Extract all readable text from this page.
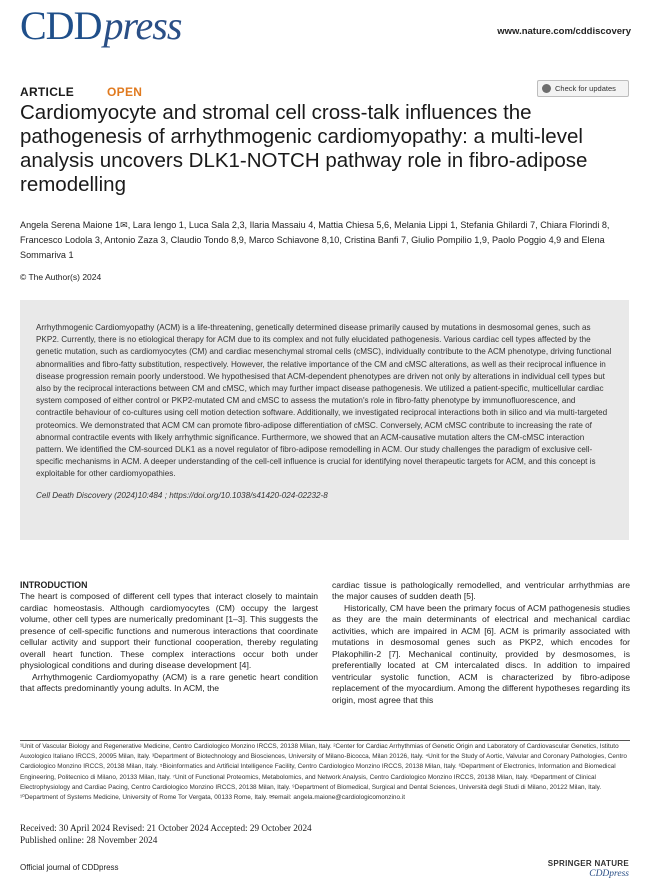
CDDpress	www.nature.com/cddiscovery
ARTICLE	OPEN	Check for updates
Cardiomyocyte and stromal cell cross-talk influences the pathogenesis of arrhythmogenic cardiomyopathy: a multi-level analysis uncovers DLK1-NOTCH pathway role in fibro-adipose remodelling
Angela Serena Maione 1✉, Lara Iengo 1, Luca Sala 2,3, Ilaria Massaiu 4, Mattia Chiesa 5,6, Melania Lippi 1, Stefania Ghilardi 7, Chiara Florindi 8, Francesco Lodola 3, Antonio Zaza 3, Claudio Tondo 8,9, Marco Schiavone 8,10, Cristina Banfi 7, Giulio Pompilio 1,9, Paolo Poggio 4,9 and Elena Sommariva 1
© The Author(s) 2024

Arrhythmogenic Cardiomyopathy (ACM) is a life-threatening, genetically determined disease primarily caused by mutations in desmosomal genes, such as PKP2. Currently, there is no etiological therapy for ACM due to its complex and not fully elucidated pathogenesis. Various cardiac cell types affected by the genetic mutation, such as cardiomyocytes (CM) and cardiac mesenchymal stromal cells (cMSC), individually contribute to the ACM phenotype, driving functional abnormalities and fibro-fatty substitution, respectively. However, the relative importance of the CM and cMSC alterations, as well as their reciprocal influence in disease progression remain poorly understood. We hypothesised that ACM-dependent phenotypes are driven not only by alterations in individual cell types but also by the reciprocal interactions between CM and cMSC, which may further impact disease pathogenesis. We utilized a patient-specific, multicellular cardiac system composed of either control or PKP2-mutated CM and cMSC to assess the mutation's role in fibro-fatty phenotype by immunofluorescence, and contractile behaviour of co-cultures using cell motion detection software. Additionally, we investigated reciprocal interactions both in silico and via multi-targeted proteomics. We demonstrated that ACM CM can promote fibro-adipose differentiation of cMSC. Conversely, ACM cMSC contribute to increasing the rate of abnormal contractile events with likely arrhythmic significance. Furthermore, we showed that an ACM-causative mutation alters the CM-cMSC interaction pattern. We identified the CM-sourced DLK1 as a novel regulator of fibro-adipose remodelling in ACM. Our study challenges the paradigm of exclusive cell-specific mechanisms in ACM. A deeper understanding of the cell-cell influence is crucial for identifying novel therapeutic targets for ACM, and this concept is exploitable for other cardiomyopathies.

Cell Death Discovery (2024)10:484 ; https://doi.org/10.1038/s41420-024-02232-8

INTRODUCTION

The heart is composed of different cell types that interact closely to maintain cardiac homeostasis. Although cardiomyocytes (CM) occupy the largest volume, other cell types are numerically predominant [1–3]. This suggests the presence of cell-specific functions and numerous interactions that coordinate cellular activity and support their functional cooperation, thereby regulating overall heart function. These complex interactions occur both under physiological conditions and during disease development [4].

Arrhythmogenic Cardiomyopathy (ACM) is a rare genetic heart condition that affects predominantly young adults. In ACM, the

cardiac tissue is pathologically remodelled, and ventricular arrhythmias are the major causes of sudden death [5].

Historically, CM have been the primary focus of ACM pathogenesis studies as they are the main determinants of electrical and mechanical cardiac activities, which are impaired in ACM [6]. ACM is primarily associated with mutations in desmosomal genes such as PKP2, which encodes for Plakophilin-2 [7]. Mechanical continuity, provided by desmosomes, is preferentially located at CM intercalated discs. In addition to impaired ventricular systolic function, ACM is characterized by fibro-adipose replacement of the myocardium. Among the different hypotheses regarding its origin, most agree that this

¹Unit of Vascular Biology and Regenerative Medicine, Centro Cardiologico Monzino IRCCS, 20138 Milan, Italy. ²Center for Cardiac Arrhythmias of Genetic Origin and Laboratory of Cardiovascular Genetics, Istituto Auxologico Italiano IRCCS, 20095 Milan, Italy. ³Department of Biotechnology and Biosciences, University of Milano-Bicocca, Milan 20126, Italy. ⁴Unit for the Study of Aortic, Valvular and Coronary Pathologies, Centro Cardiologico Monzino IRCCS, 20138 Milan, Italy. ⁵Bioinformatics and Artificial Intelligence Facility, Centro Cardiologico Monzino IRCCS, 20138 Milan, Italy. ⁶Department of Electronics, Information and Biomedical Engineering, Politecnico di Milano, 20133 Milan, Italy. ⁷Unit of Functional Proteomics, Metabolomics, and Network Analysis, Centro Cardiologico Monzino IRCCS, 20138 Milan, Italy. ⁸Department of Clinical Electrophysiology and Cardiac Pacing, Centro Cardiologico Monzino IRCCS, 20138 Milan, Italy. ⁹Department of Biomedical, Surgical and Dental Sciences, Università degli Studi di Milano, 20122 Milan, Italy. ¹⁰Department of Systems Medicine, University of Rome Tor Vergata, 00133 Rome, Italy. ✉email: angela.maione@cardiologicomonzino.it
Received: 30 April 2024 Revised: 21 October 2024 Accepted: 29 October 2024
Published online: 28 November 2024
Official journal of CDDpress	SPRINGER NATURE
CDDpress
